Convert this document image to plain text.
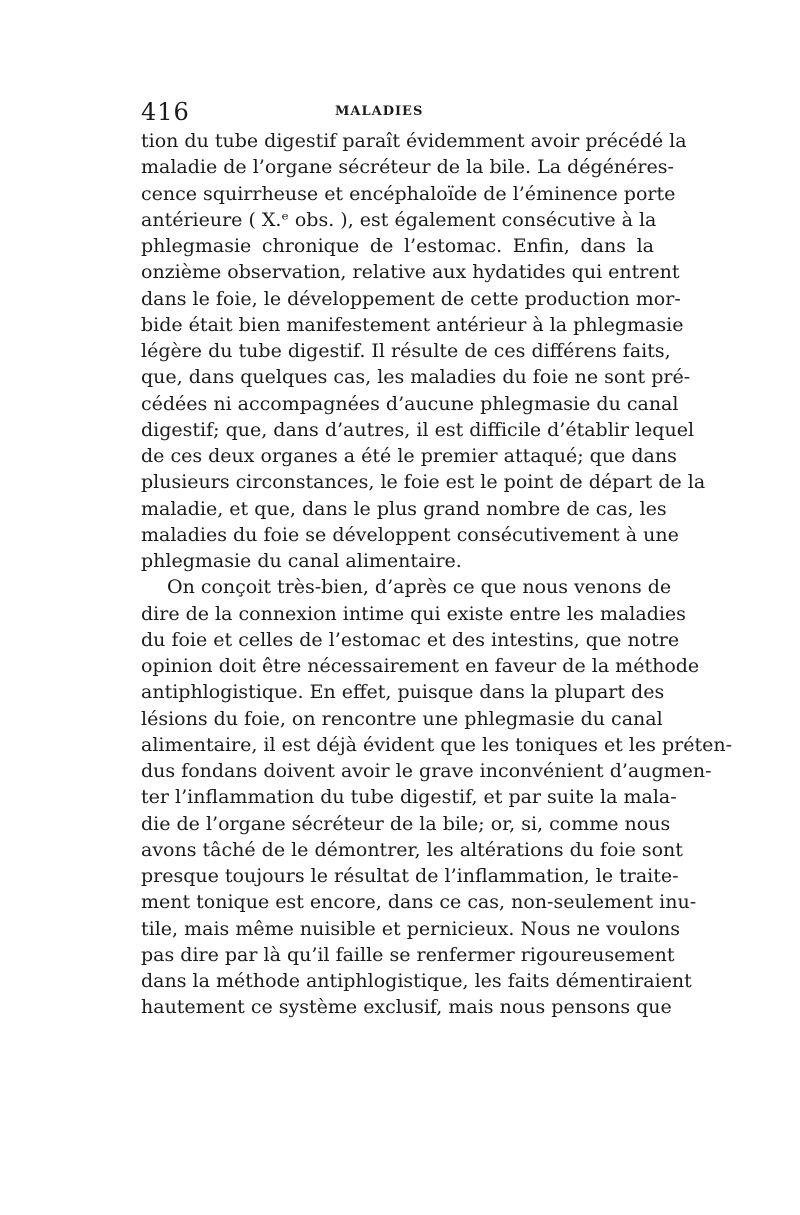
416	MALADIES
tion du tube digestif paraît évidemment avoir précédé la
maladie de l’organe sécréteur de la bile. La dégénéres-
cence squirrheuse et encéphaloïde de l’éminence porte
antérieure ( X.ᵉ obs. ), est également consécutive à la
phlegmasie chronique de l’estomac. Enfin, dans la
onzième observation, relative aux hydatides qui entrent
dans le foie, le développement de cette production mor-
bide était bien manifestement antérieur à la phlegmasie
légère du tube digestif. Il résulte de ces différens faits,
que, dans quelques cas, les maladies du foie ne sont pré-
cédées ni accompagnées d’aucune phlegmasie du canal
digestif; que, dans d’autres, il est difficile d’établir lequel
de ces deux organes a été le premier attaqué; que dans
plusieurs circonstances, le foie est le point de départ de la
maladie, et que, dans le plus grand nombre de cas, les
maladies du foie se développent consécutivement à une
phlegmasie du canal alimentaire.
On conçoit très-bien, d’après ce que nous venons de
dire de la connexion intime qui existe entre les maladies
du foie et celles de l’estomac et des intestins, que notre
opinion doit être nécessairement en faveur de la méthode
antiphlogistique. En effet, puisque dans la plupart des
lésions du foie, on rencontre une phlegmasie du canal
alimentaire, il est déjà évident que les toniques et les préten-
dus fondans doivent avoir le grave inconvénient d’augmen-
ter l’inflammation du tube digestif, et par suite la mala-
die de l’organe sécréteur de la bile; or, si, comme nous
avons tâché de le démontrer, les altérations du foie sont
presque toujours le résultat de l’inflammation, le traite-
ment tonique est encore, dans ce cas, non-seulement inu-
tile, mais même nuisible et pernicieux. Nous ne voulons
pas dire par là qu’il faille se renfermer rigoureusement
dans la méthode antiphlogistique, les faits démentiraient
hautement ce système exclusif, mais nous pensons que
